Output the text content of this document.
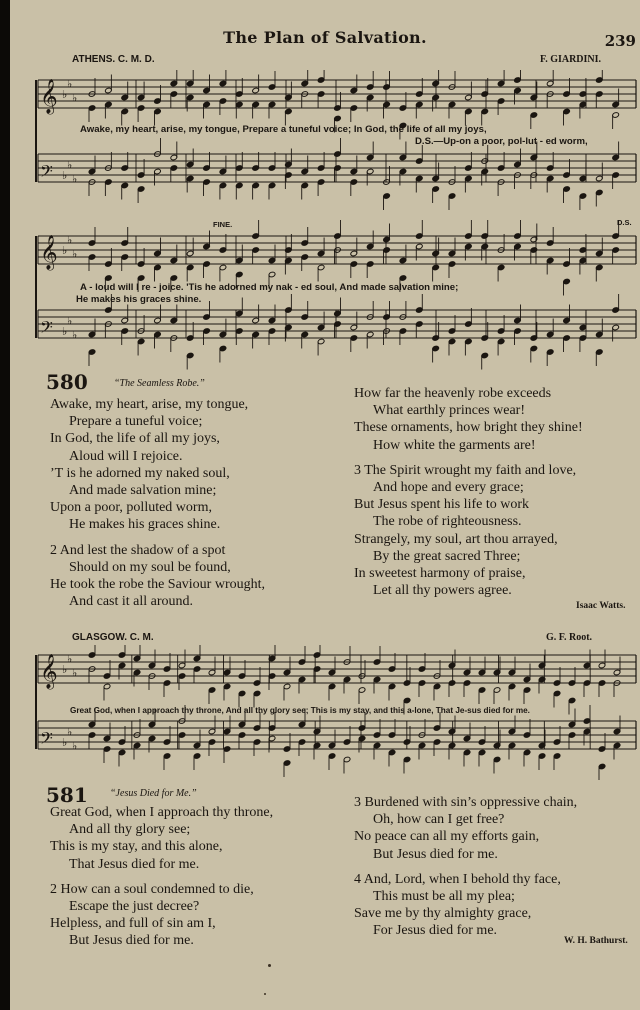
The Plan of Salvation.	239
ATHENS. C. M. D.	F. GIARDINI.
𝄞 ♭
♭
♭
𝄢 ♭
♭
♭
𝄞 ♭
♭
♭
𝄢 ♭
♭
♭
Awake, my heart, arise, my tongue, Prepare a tuneful voice; In God, the life of all my joys,
D.S.—Up-on a poor, pol-lut - ed worm,
FINE.	D.S.
A - loud will I re - joice. 'Tis he adorned my nak - ed soul, And made salvation mine;
He makes his graces shine.
580	“The Seamless Robe.”
Awake, my heart, arise, my tongue,
Prepare a tuneful voice;
In God, the life of all my joys,
Aloud will I rejoice.
’T is he adorned my naked soul,
And made salvation mine;
Upon a poor, polluted worm,
He makes his graces shine.
2 And lest the shadow of a spot
Should on my soul be found,
He took the robe the Saviour wrought,
And cast it all around.
How far the heavenly robe exceeds
What earthly princes wear!
These ornaments, how bright they shine!
How white the garments are!
3 The Spirit wrought my faith and love,
And hope and every grace;
But Jesus spent his life to work
The robe of righteousness.
Strangely, my soul, art thou arrayed,
By the great sacred Three;
In sweetest harmony of praise,
Let all thy powers agree.
Isaac Watts.
GLASGOW. C. M.	G. F. Root.
𝄞 ♭
♭
♭
𝄢 ♭
♭
♭
Great God, when I approach thy throne, And all thy glory see; This is my stay, and this a-lone, That Je-sus died for me.
581 “Jesus Died for Me.”
Great God, when I approach thy throne,
And all thy glory see;
This is my stay, and this alone,
That Jesus died for me.
2 How can a soul condemned to die,
Escape the just decree?
Helpless, and full of sin am I,
But Jesus died for me.
3 Burdened with sin’s oppressive chain,
Oh, how can I get free?
No peace can all my efforts gain,
But Jesus died for me.
4 And, Lord, when I behold thy face,
This must be all my plea;
Save me by thy almighty grace,
For Jesus died for me.
W. H. Bathurst.
